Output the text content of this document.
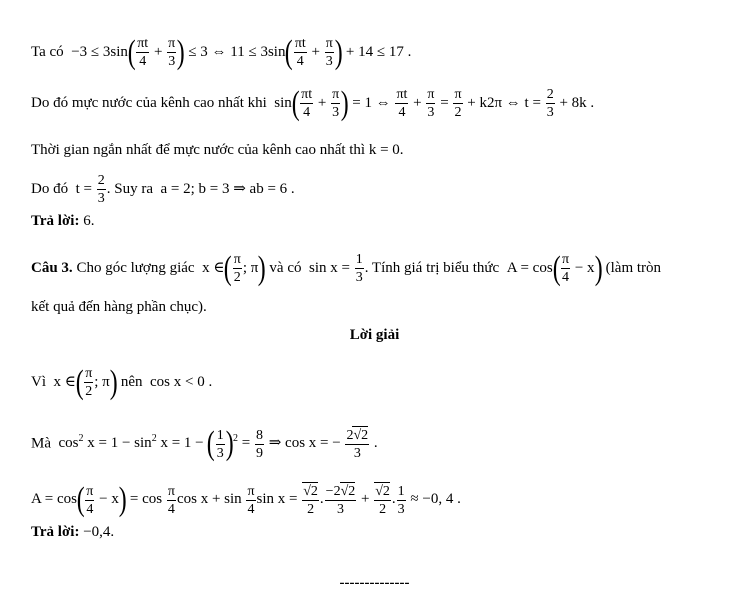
Ta có  $-3 \le 3\sin( \frac{\pi t}{4} + \frac{\pi}{3}$ ) ≤ 3 ⇔ $11 \le 3\sin( \frac{\pi t}{4} + \frac{\pi}{3}$ ) + 14 ≤ 17 .
Do đó mực nước của kênh cao nhất khi  $\sin( \frac{\pi t}{4} + \frac{\pi}{3}$ ) = 1 ⇔ $\frac{\pi t}{4} + \frac{\pi}{3} = \frac{\pi}{2} + k2\pi$ ⇔ $t = \frac{2}{3} + 8k$ .
Thời gian ngắn nhất để mực nước của kênh cao nhất thì k = 0.
Do đó  $t = \frac{2}{3}$ . Suy ra  a = 2; b = 3 ⇒ ab = 6 .
Trả lời: 6.
Câu 3. Cho góc lượng giác  x ∈( $\frac{\pi}{2}$ ; π) và có  $\sin x = \frac{1}{3}$ . Tính giá trị biểu thức  $A = \cos( \frac{\pi}{4} - x)$ (làm tròn
kết quả đến hàng phần chục).
Lời giải
Vì  x ∈( $\frac{\pi}{2}$ ; π) nên  cos x < 0 .
Mà  $\cos^2 x = 1 - \sin^2 x = 1$ − ( $\frac{1}{3} )^2 = \frac{8}{9}$ ⇒ cos x = − $\frac{2√2}{3}$ .
$A = \cos( \frac{\pi}{4} - x) = \cos \frac{\pi}{4}$ $\cos x + \sin \frac{\pi}{4}$ $\sin x = \frac{√2}{2}$ . $\frac{-2√2}{3} + \frac{√2}{2}$ . $\frac{1}{3} \approx -0$, 4 .
Trả lời: −0,4.
--------------
